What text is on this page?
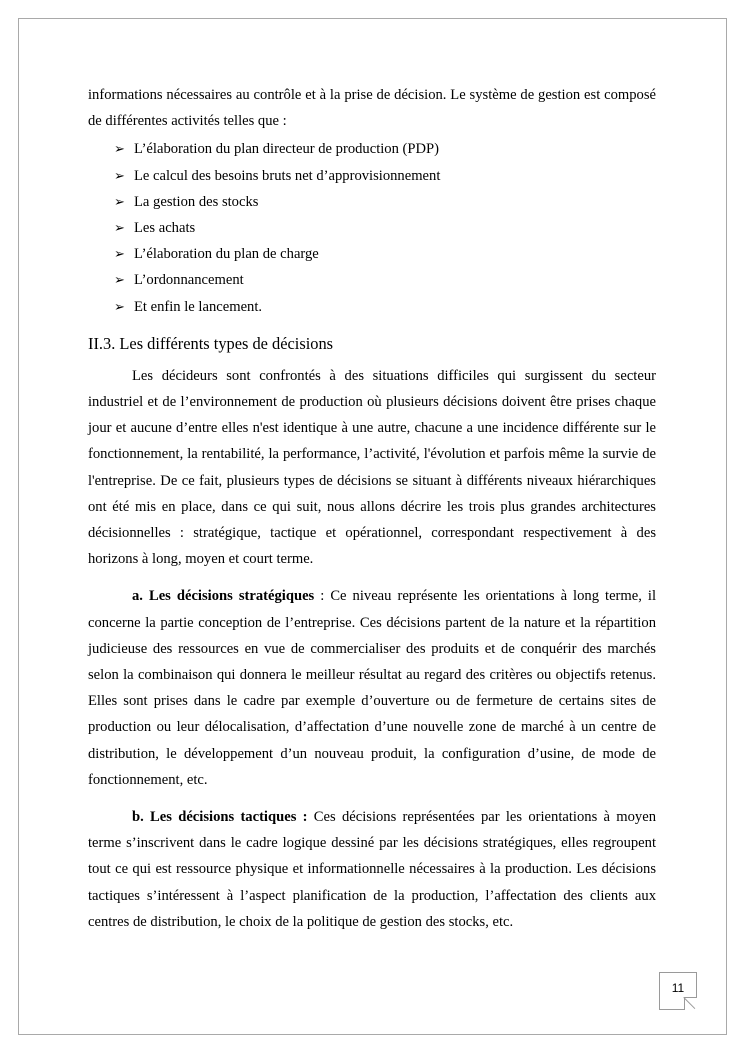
informations nécessaires au contrôle et à la prise de décision. Le système de gestion est composé de différentes activités telles que :

➢ L’élaboration du plan directeur de production (PDP)
➢ Le calcul des besoins bruts net d’approvisionnement
➢ La gestion des stocks
➢ Les achats
➢ L’élaboration du plan de charge
➢ L’ordonnancement
➢ Et enfin le lancement.
II.3. Les différents types de décisions

Les décideurs sont confrontés à des situations difficiles qui surgissent du secteur industriel et de l’environnement de production où plusieurs décisions doivent être prises chaque jour et aucune d’entre elles n'est identique à une autre, chacune a une incidence différente sur le fonctionnement, la rentabilité, la performance, l’activité, l'évolution et parfois même la survie de l'entreprise. De ce fait, plusieurs types de décisions se situant à différents niveaux hiérarchiques ont été mis en place, dans ce qui suit, nous allons décrire les trois plus grandes architectures décisionnelles : stratégique, tactique et opérationnel, correspondant respectivement à des horizons à long, moyen et court terme.

a. Les décisions stratégiques : Ce niveau représente les orientations à long terme, il concerne la partie conception de l’entreprise. Ces décisions partent de la nature et la répartition judicieuse des ressources en vue de commercialiser des produits et de conquérir des marchés selon la combinaison qui donnera le meilleur résultat au regard des critères ou objectifs retenus. Elles sont prises dans le cadre par exemple d’ouverture ou de fermeture de certains sites de production ou leur délocalisation, d’affectation d’une nouvelle zone de marché à un centre de distribution, le développement d’un nouveau produit, la configuration d’usine, de mode de fonctionnement, etc.

b. Les décisions tactiques : Ces décisions représentées par les orientations à moyen terme s’inscrivent dans le cadre logique dessiné par les décisions stratégiques, elles regroupent tout ce qui est ressource physique et informationnelle nécessaires à la production. Les décisions tactiques s’intéressent à l’aspect planification de la production, l’affectation des clients aux centres de distribution, le choix de la politique de gestion des stocks, etc.

11
